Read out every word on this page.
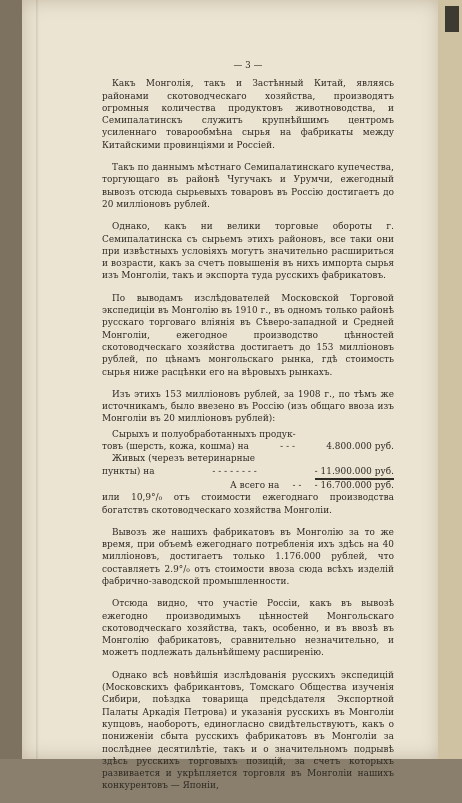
— 3 —
Какъ Монголія, такъ и Застѣнный Китай, являясь районами скотоводческаго хозяйства, производятъ огромныя количества продуктовъ животноводства, и Семипалатинскъ служитъ крупнѣйшимъ центромъ усиленнаго товарообмѣна сырья на фабрикаты между Китайскими провинціями и Россіей.
Такъ по даннымъ мѣстнаго Семипалатинскаго купечества, торгующаго въ районѣ Чугучакъ и Урумчи, ежегодный вывозъ отсюда сырьевыхъ товаровъ въ Россію достигаетъ до 20 милліоновъ рублей.
Однако, какъ ни велики торговые обороты г. Семипалатинска съ сырьемъ этихъ районовъ, все таки они при извѣстныхъ условіяхъ могутъ значительно расшириться и возрасти, какъ за счетъ повышенія въ нихъ импорта сырья изъ Монголіи, такъ и экспорта туда русскихъ фабрикатовъ.
По выводамъ изслѣдователей Московской Торговой экспедиціи въ Монголію въ 1910 г., въ одномъ только районѣ русскаго торговаго вліянія въ Сѣверо-западной и Средней Монголіи, ежегодное производство цѣнностей скотоводческаго хозяйства достигаетъ до 153 милліоновъ рублей, по цѣнамъ монгольскаго рынка, гдѣ стоимость сырья ниже расцѣнки его на вѣровыхъ рынкахъ.
Изъ этихъ 153 милліоновъ рублей, за 1908 г., по тѣмъ же источникамъ, было ввезено въ Россію (изъ общаго ввоза изъ Монголіи въ 20 милліоновъ рублей):
Сырыхъ и полуобработанныхъ продук-
товъ (шерсть, кожа, кошма) на	- - -	4.800.000 руб.
Живых (черезъ ветеринарные
пункты) на	- - - - - - - -	- 11.900.000 руб.
А всего на - - - 16.700.000 руб.
или 10,9°/₀ отъ стоимости ежегоднаго производства богатствъ скотоводческаго хозяйства Монголіи.
Вывозъ же нашихъ фабрикатовъ въ Монголію за то же время, при объемѣ ежегоднаго потребленія ихъ здѣсь на 40 милліоновъ, достигаетъ только 1.176.000 рублей, что составляетъ 2.9°/₀ отъ стоимости ввоза сюда всѣхъ изделій фабрично-заводской промышленности.
Отсюда видно, что участіе Россіи, какъ въ вывозѣ ежегодно производимыхъ цѣнностей Монгольскаго скотоводческаго хозяйства, такъ, особенно, и въ ввозѣ въ Монголію фабрикатовъ, сравнительно незначительно, и можетъ подлежать дальнѣйшему расширенію.
Однако всѣ новѣйшія изслѣдованія русскихъ экспедицій (Московскихъ фабрикантовъ, Томскаго Общества изученія Сибири, поѣздка товарища предсѣдателя Экспортной Палаты Аркадія Петрова) и указанія русскихъ въ Монголіи купцовъ, наоборотъ, единогласно свидѣтельствуютъ, какъ о пониженіи сбыта русскихъ фабрикатовъ въ Монголіи за послѣднее десятилѣтіе, такъ и о значительномъ подрывѣ здѣсь русскихъ торговыхъ позицій, за счетъ которыхъ развивается и укрѣпляется торговля въ Монголіи нашихъ конкурентовъ — Японіи,
